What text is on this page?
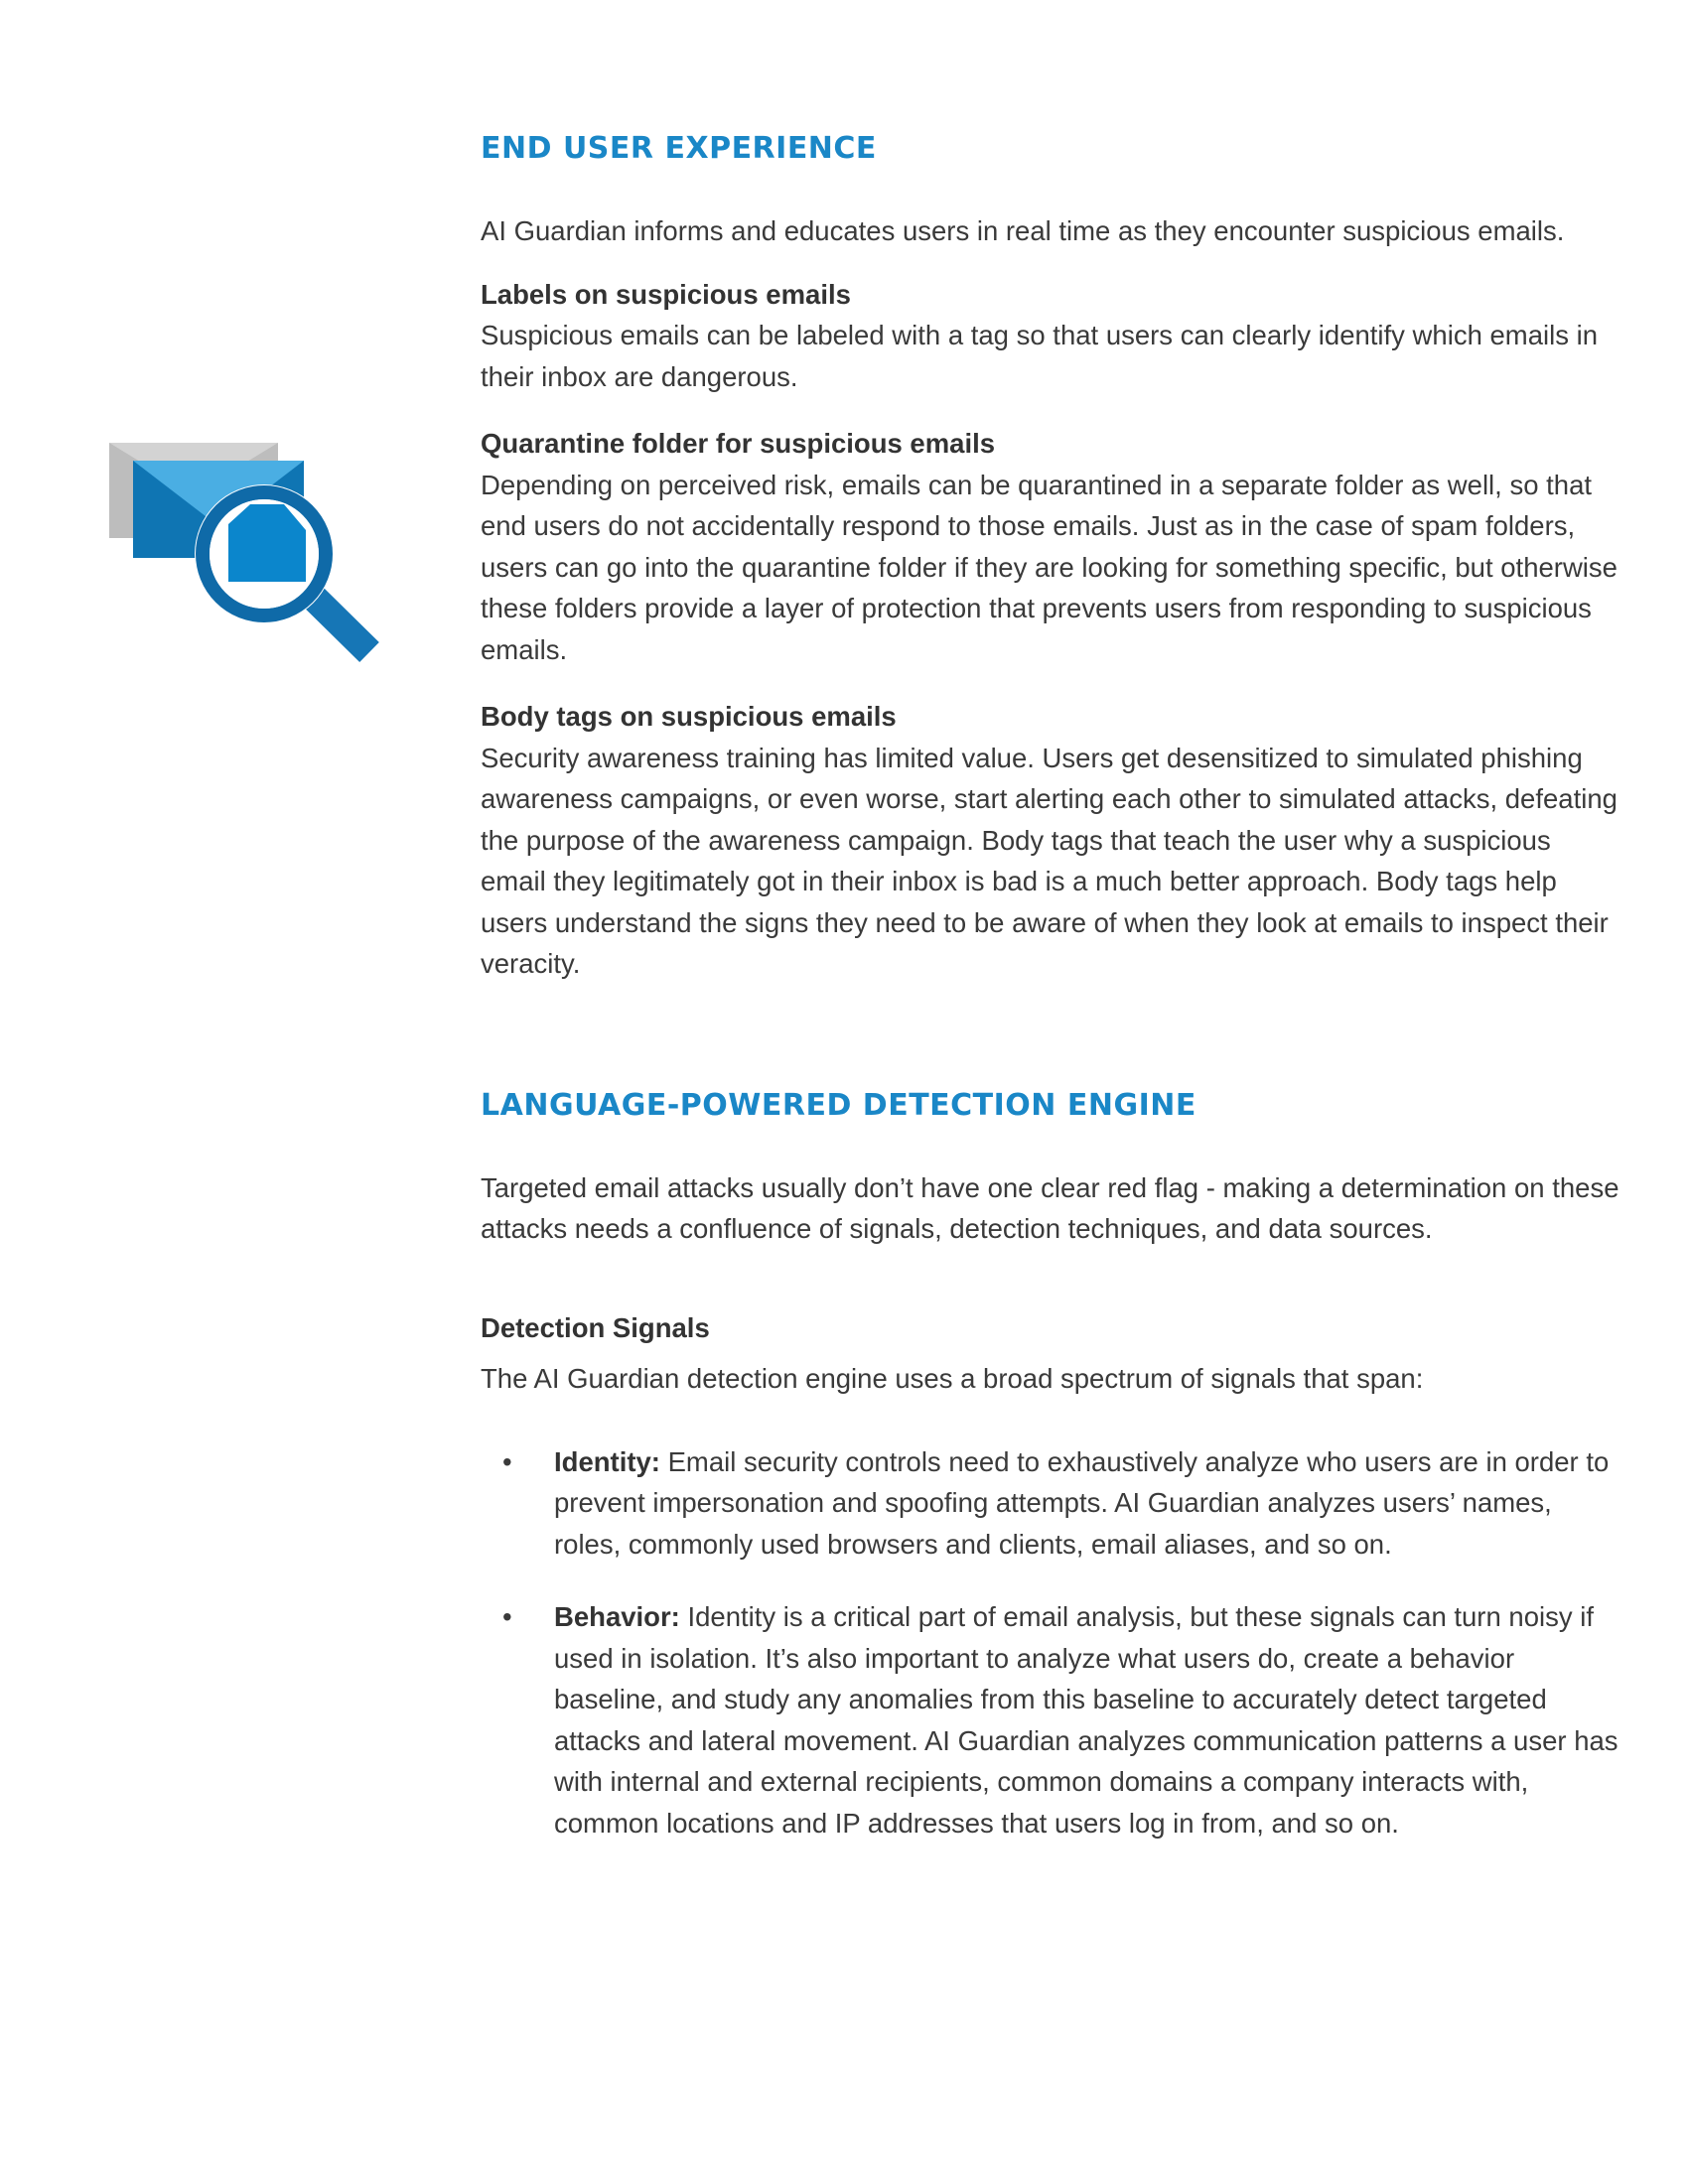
END USER EXPERIENCE

AI Guardian informs and educates users in real time as they encounter suspicious emails.

Labels on suspicious emails

Suspicious emails can be labeled with a tag so that users can clearly identify which emails in their inbox are dangerous.

Quarantine folder for suspicious emails

Depending on perceived risk, emails can be quarantined in a separate folder as well, so that end users do not accidentally respond to those emails. Just as in the case of spam folders, users can go into the quarantine folder if they are looking for something specific, but otherwise these folders provide a layer of protection that prevents users from responding to suspicious emails.

Body tags on suspicious emails

Security awareness training has limited value. Users get desensitized to simulated phishing awareness campaigns, or even worse, start alerting each other to simulated attacks, defeating the purpose of the awareness campaign. Body tags that teach the user why a suspicious email they legitimately got in their inbox is bad is a much better approach. Body tags help users understand the signs they need to be aware of when they look at emails to inspect their veracity.

LANGUAGE-POWERED DETECTION ENGINE

Targeted email attacks usually don’t have one clear red flag - making a determination on these attacks needs a confluence of signals, detection techniques, and data sources.

Detection Signals

The AI Guardian detection engine uses a broad spectrum of signals that span:

• Identity: Email security controls need to exhaustively analyze who users are in order to prevent impersonation and spoofing attempts. AI Guardian analyzes users’ names, roles, commonly used browsers and clients, email aliases, and so on.
• Behavior: Identity is a critical part of email analysis, but these signals can turn noisy if used in isolation. It’s also important to analyze what users do, create a behavior baseline, and study any anomalies from this baseline to accurately detect targeted attacks and lateral movement. AI Guardian analyzes communication patterns a user has with internal and external recipients, common domains a company interacts with, common locations and IP addresses that users log in from, and so on.
